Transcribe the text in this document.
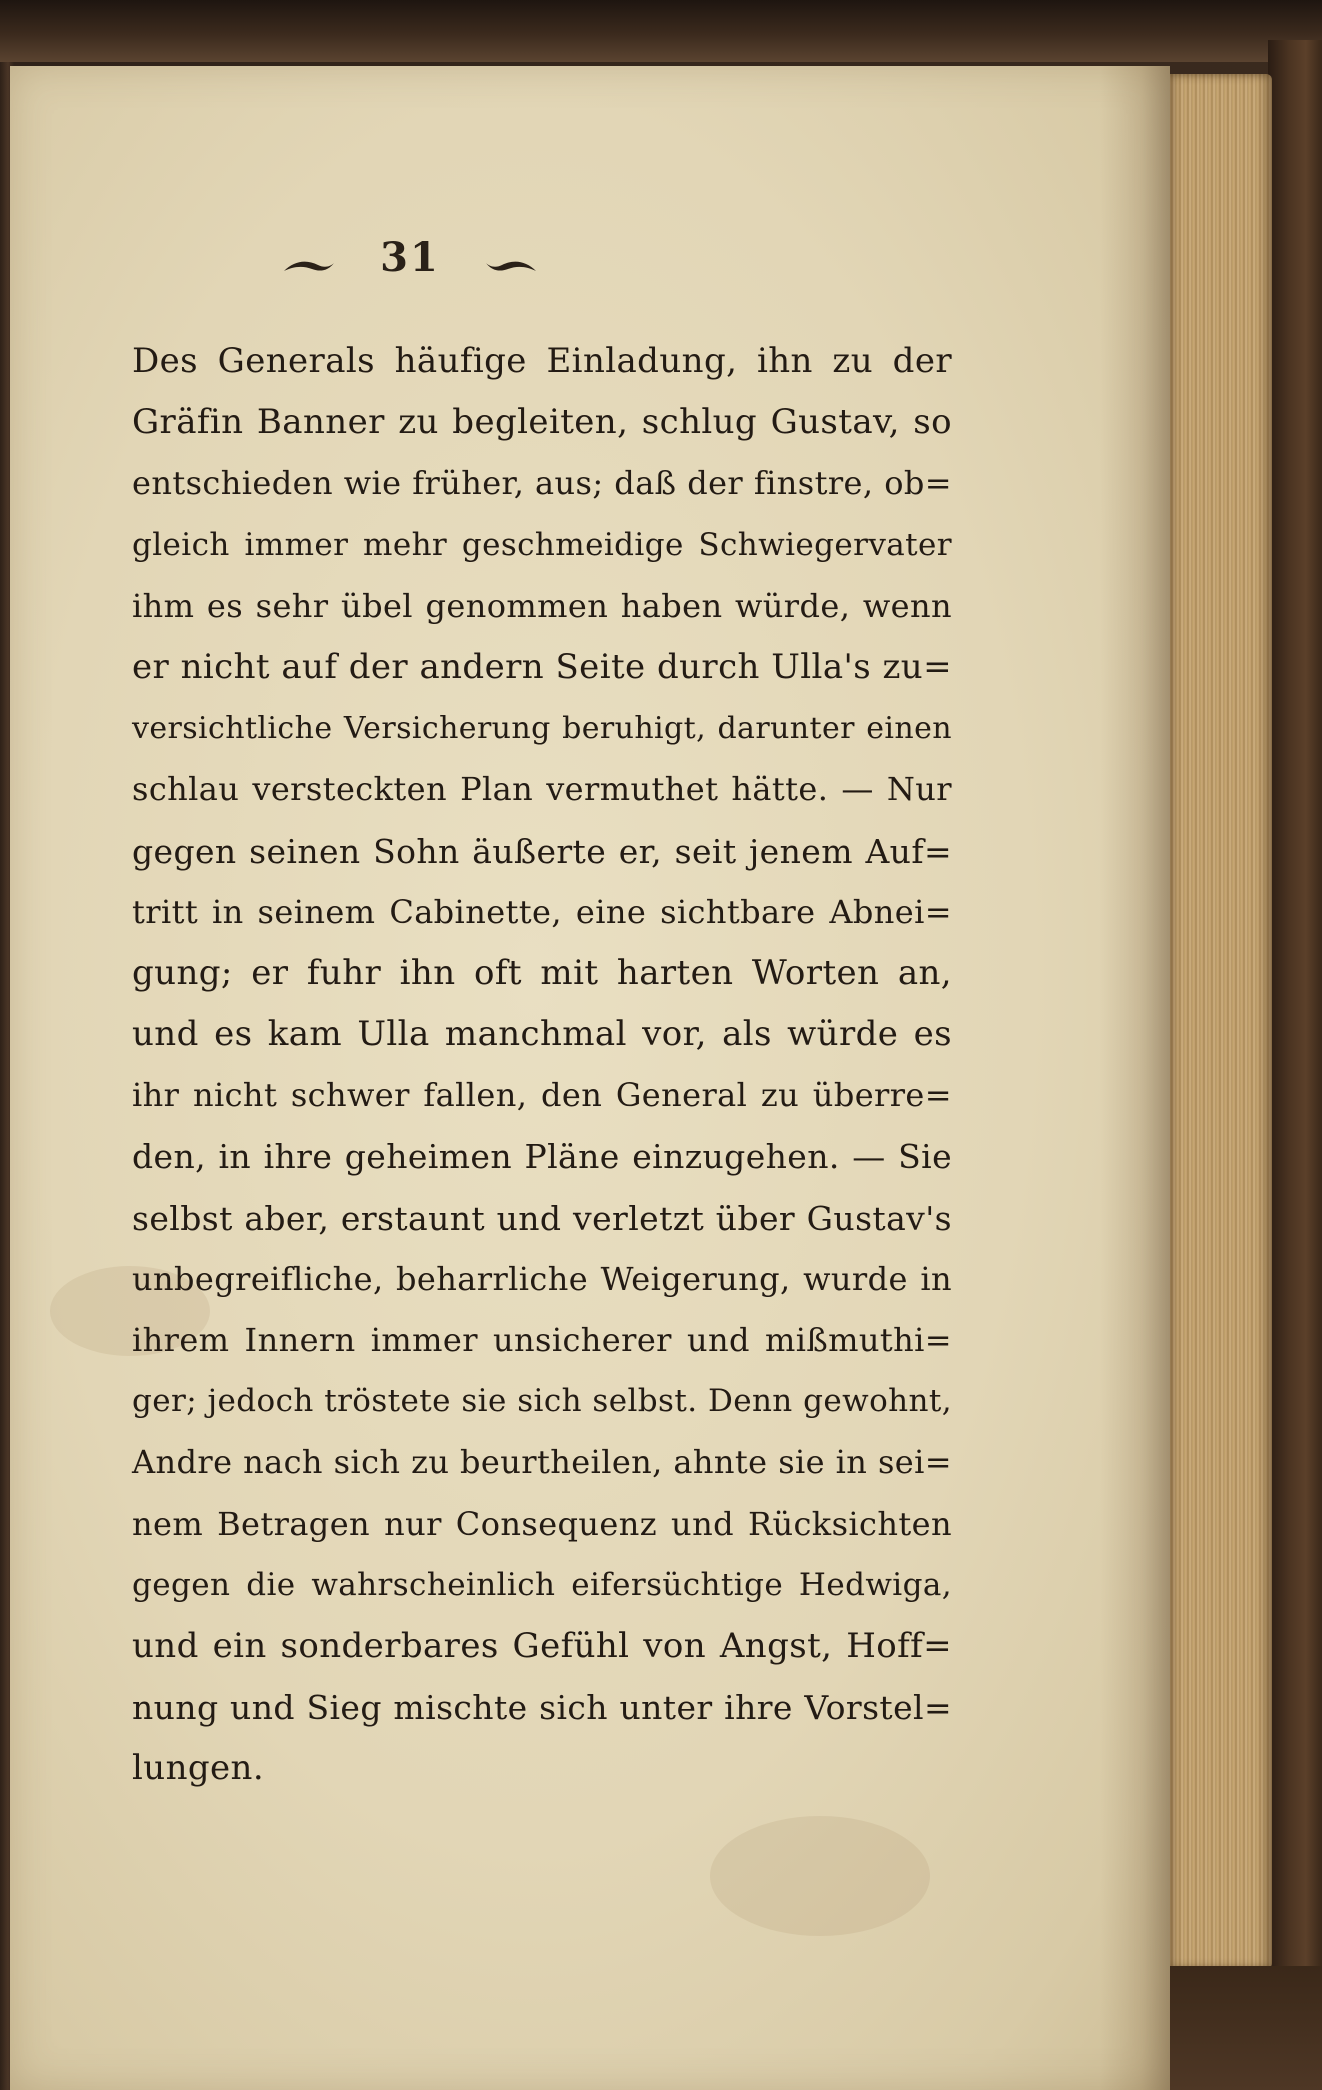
31
Des Generals häufige Einladung, ihn zu der
Gräfin Banner zu begleiten, schlug Gustav, so
entschieden wie früher, aus; daß der finstre, ob=
gleich immer mehr geschmeidige Schwiegervater
ihm es sehr übel genommen haben würde, wenn
er nicht auf der andern Seite durch Ulla's zu=
versichtliche Versicherung beruhigt, darunter einen
schlau versteckten Plan vermuthet hätte. — Nur
gegen seinen Sohn äußerte er, seit jenem Auf=
tritt in seinem Cabinette, eine sichtbare Abnei=
gung; er fuhr ihn oft mit harten Worten an,
und es kam Ulla manchmal vor, als würde es
ihr nicht schwer fallen, den General zu überre=
den, in ihre geheimen Pläne einzugehen. — Sie
selbst aber, erstaunt und verletzt über Gustav's
unbegreifliche, beharrliche Weigerung, wurde in
ihrem Innern immer unsicherer und mißmuthi=
ger; jedoch tröstete sie sich selbst. Denn gewohnt,
Andre nach sich zu beurtheilen, ahnte sie in sei=
nem Betragen nur Consequenz und Rücksichten
gegen die wahrscheinlich eifersüchtige Hedwiga,
und ein sonderbares Gefühl von Angst, Hoff=
nung und Sieg mischte sich unter ihre Vorstel=
lungen.
